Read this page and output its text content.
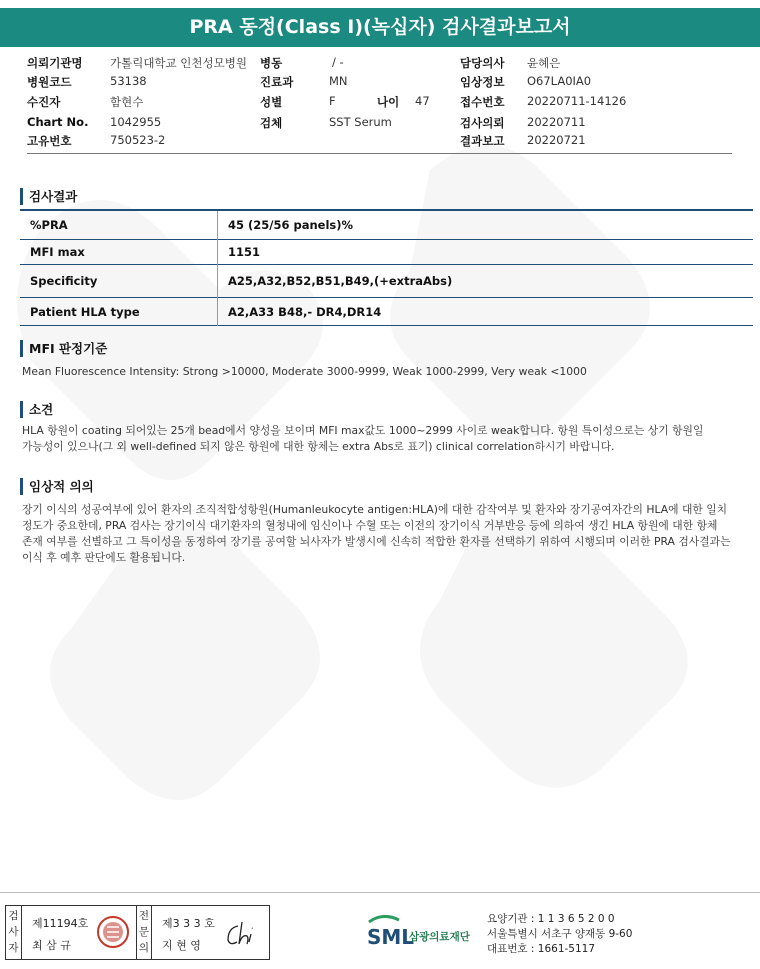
PRA 동정(Class I)(녹십자) 검사결과보고서
의뢰기관명 가톨릭대학교 인천성모병원 병동	/ -	담당의사 윤혜은
병원코드	53138	진료과	MN	임상정보 O67LA0IA0
수진자	함현수	성별	F	나이 47	접수번호 20220711-14126
Chart No. 1042955	검체	SST Serum	검사의뢰 20220711
고유번호	750523-2	결과보고 20220721
검사결과
%PRA	45 (25/56 panels)%
MFI max	1151
Specificity	A25,A32,B52,B51,B49,(+extraAbs)
Patient HLA type	A2,A33 B48,- DR4,DR14
MFI 판정기준
Mean Fluorescence Intensity: Strong >10000, Moderate 3000-9999, Weak 1000-2999, Very weak <1000
소견
HLA 항원이 coating 되어있는 25개 bead에서 양성을 보이며 MFI max값도 1000~2999 사이로 weak합니다. 항원 특이성으로는 상기 항원일
가능성이 있으나(그 외 well-defined 되지 않은 항원에 대한 항체는 extra Abs로 표기) clinical correlation하시기 바랍니다.
임상적 의의
장기 이식의 성공여부에 있어 환자의 조직적합성항원(Humanleukocyte antigen:HLA)에 대한 감작여부 및 환자와 장기공여자간의 HLA에 대한 일치
정도가 중요한데, PRA 검사는 장기이식 대기환자의 혈청내에 임신이나 수혈 또는 이전의 장기이식 거부반응 등에 의하여 생긴 HLA 항원에 대한 항체
존재 여부를 선별하고 그 특이성을 동정하여 장기를 공여할 뇌사자가 발생시에 신속히 적합한 환자를 선택하기 위하여 시행되며 이러한 PRA 검사결과는
이식 후 예후 판단에도 활용됩니다.
검
사
자
제11194호
최 삼 규
전
문
의
제3 3 3 호
지 현 영	SML
삼광의료재단
요양기관 : 1 1 3 6 5 2 0 0
서울특별시 서초구 양재동 9-60
대표번호 : 1661-5117
